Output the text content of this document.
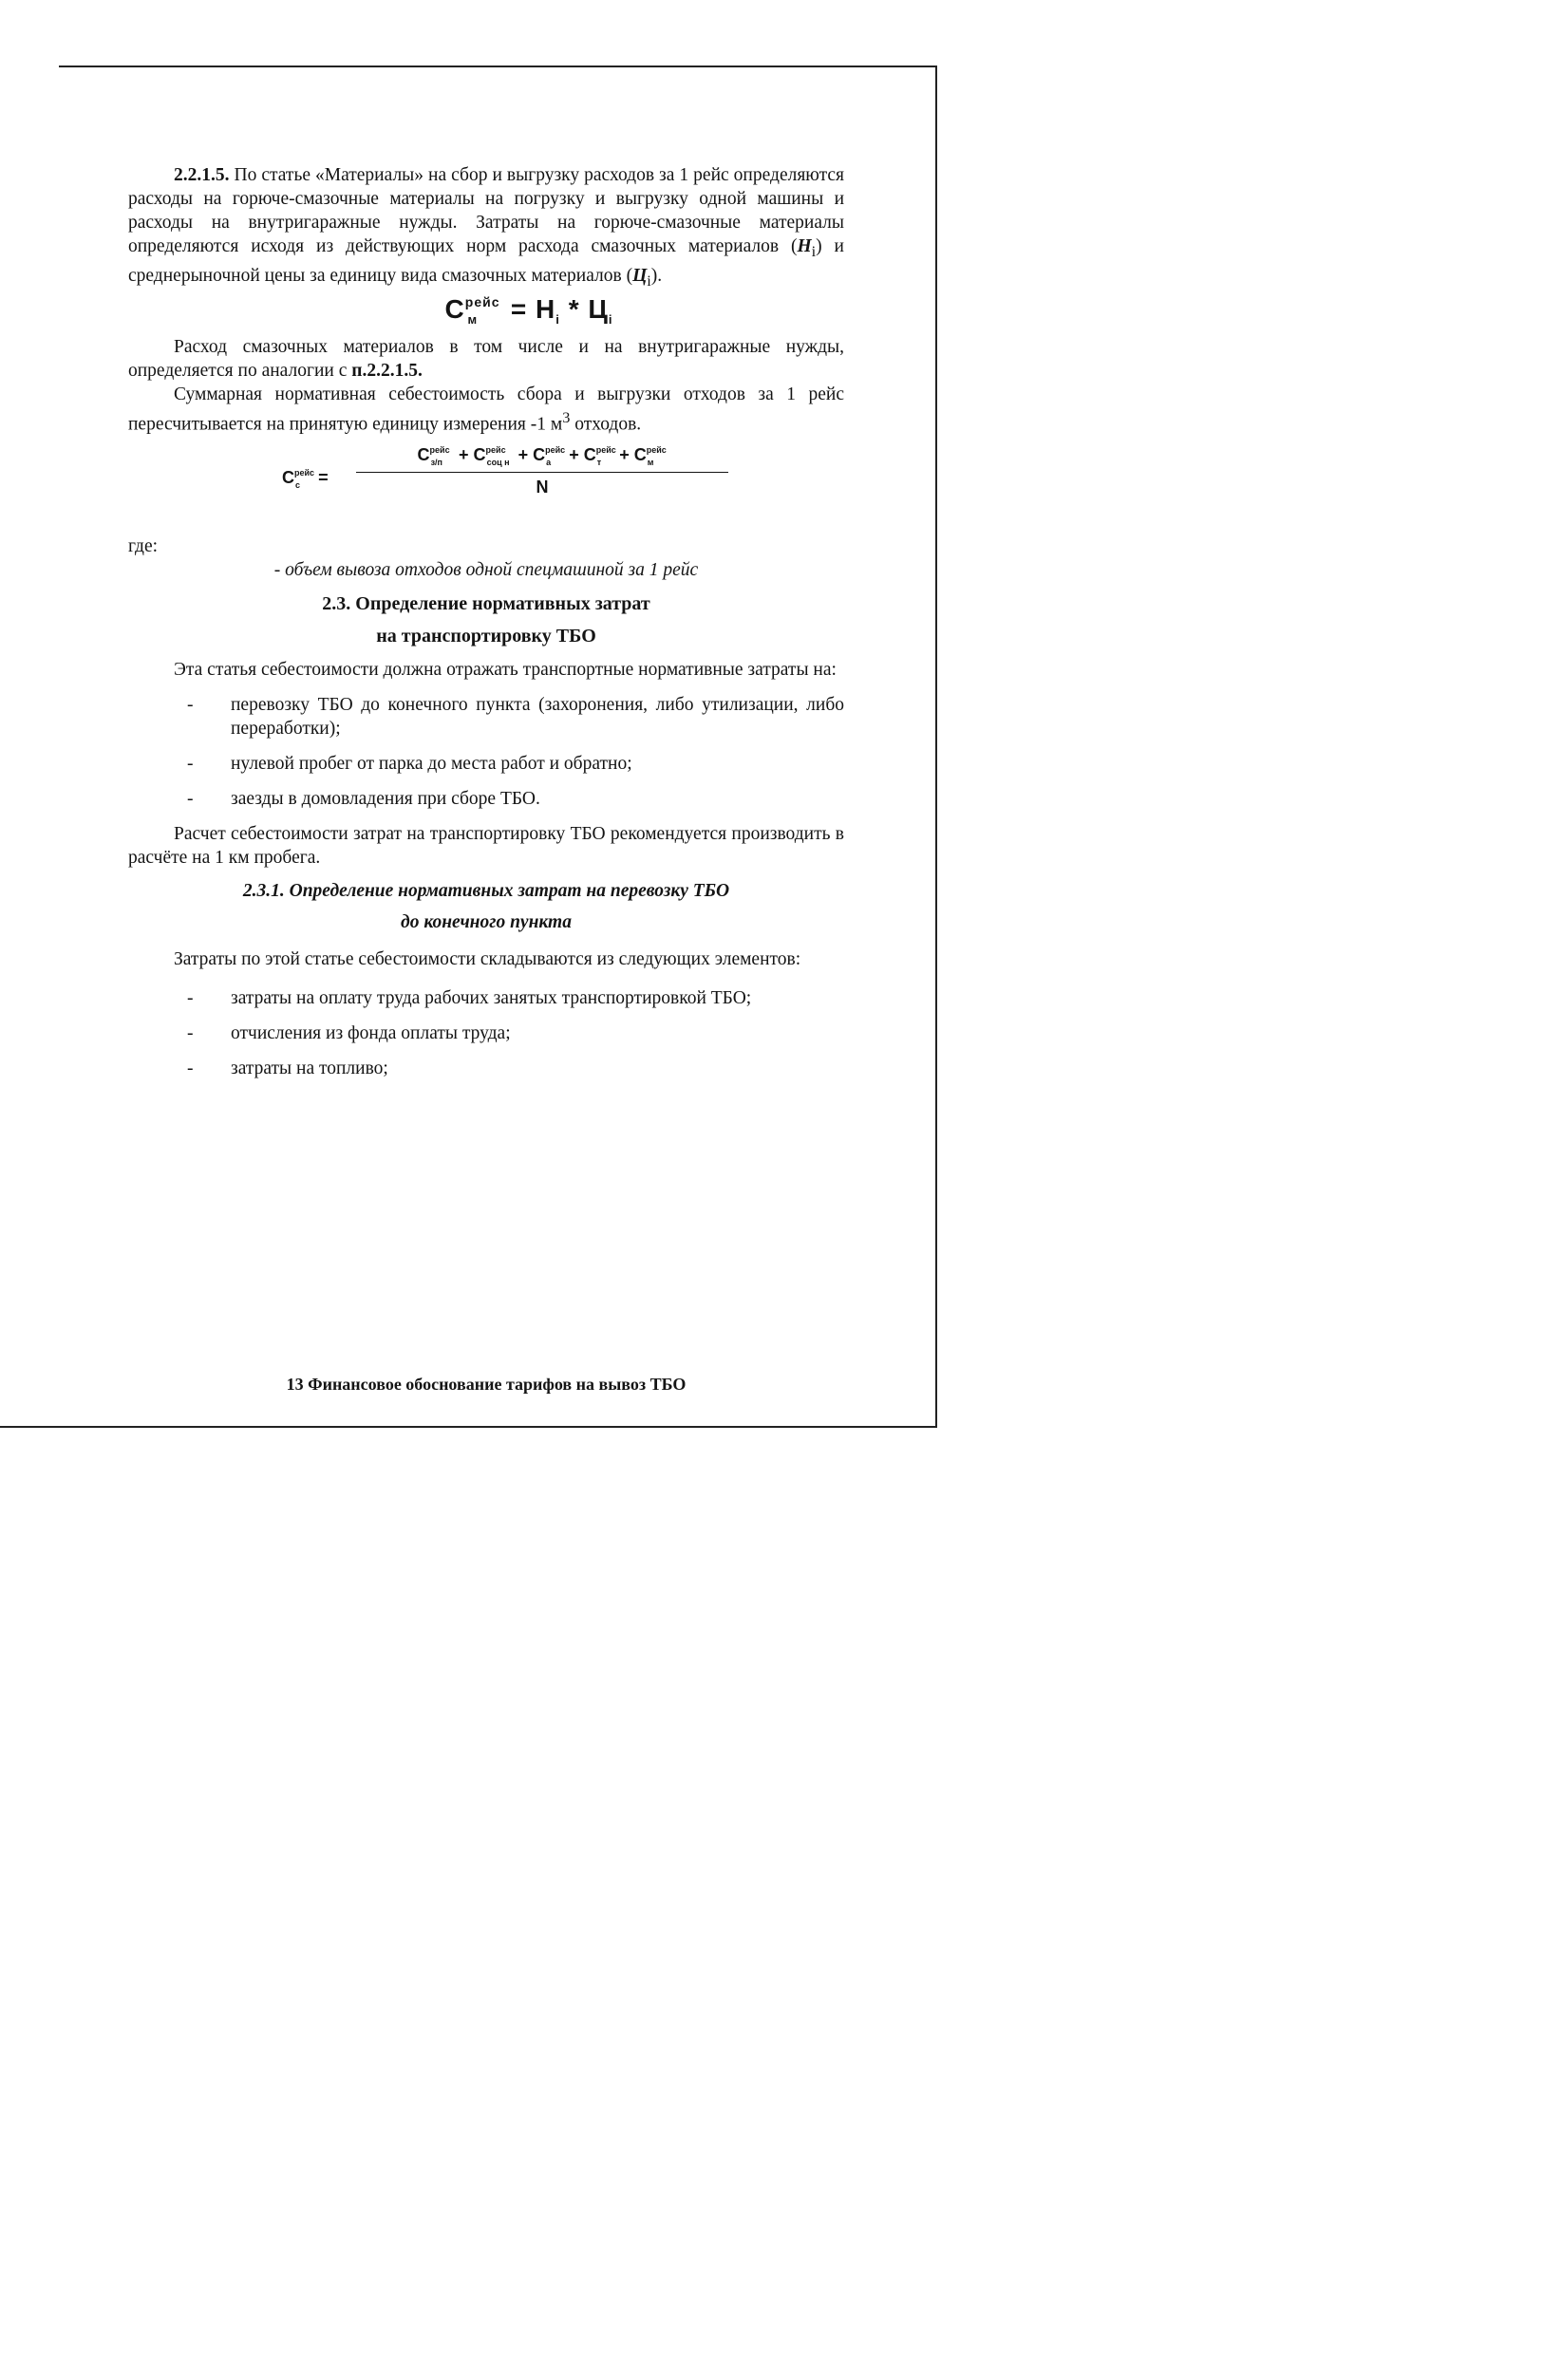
2.2.1.5. По статье «Материалы» на сбор и выгрузку расходов за 1 рейс определяются расходы на горюче-смазочные материалы на погрузку и выгрузку одной машины и расходы на внутригаражные нужды. Затраты на горюче-смазочные материалы определяются исходя из действующих норм расхода смазочных материалов $(Н_i)$ и среднерыночной цены за единицу вида смазочных материалов $(Ц_i)$.

$С^{рейс}_м = Н_i * Ц_i$

Расход смазочных материалов в том числе и на внутригаражные нужды, определяется по аналогии с п.2.2.1.5.

Суммарная нормативная себестоимость сбора и выгрузки отходов за 1 рейс пересчитывается на принятую единицу измерения -1 $м^3$ отходов.

$С^{рейс}_с$ =
$С^{рейс}_{з/п} + С^{рейс}_{соц н} + С^{рейс}_а + С^{рейс}_т + С^{рейс}_м$
N

где:

- объем вывоза отходов одной спецмашиной за 1 рейс

2.3. Определение нормативных затрат
на транспортировку ТБО

Эта статья себестоимости должна отражать транспортные нормативные затраты на:

- перевозку ТБО до конечного пункта (захоронения, либо утилизации, либо переработки);
- нулевой пробег от парка до места работ и обратно;
- заезды в домовладения при сборе ТБО.

Расчет себестоимости затрат на транспортировку ТБО рекомендуется производить в расчёте на 1 км пробега.

2.3.1. Определение нормативных затрат на перевозку ТБО
до конечного пункта

Затраты по этой статье себестоимости складываются из следующих элементов:

- затраты на оплату труда рабочих занятых транспортировкой ТБО;
- отчисления из фонда оплаты труда;
- затраты на топливо;
13 Финансовое обоснование тарифов на вывоз ТБО
